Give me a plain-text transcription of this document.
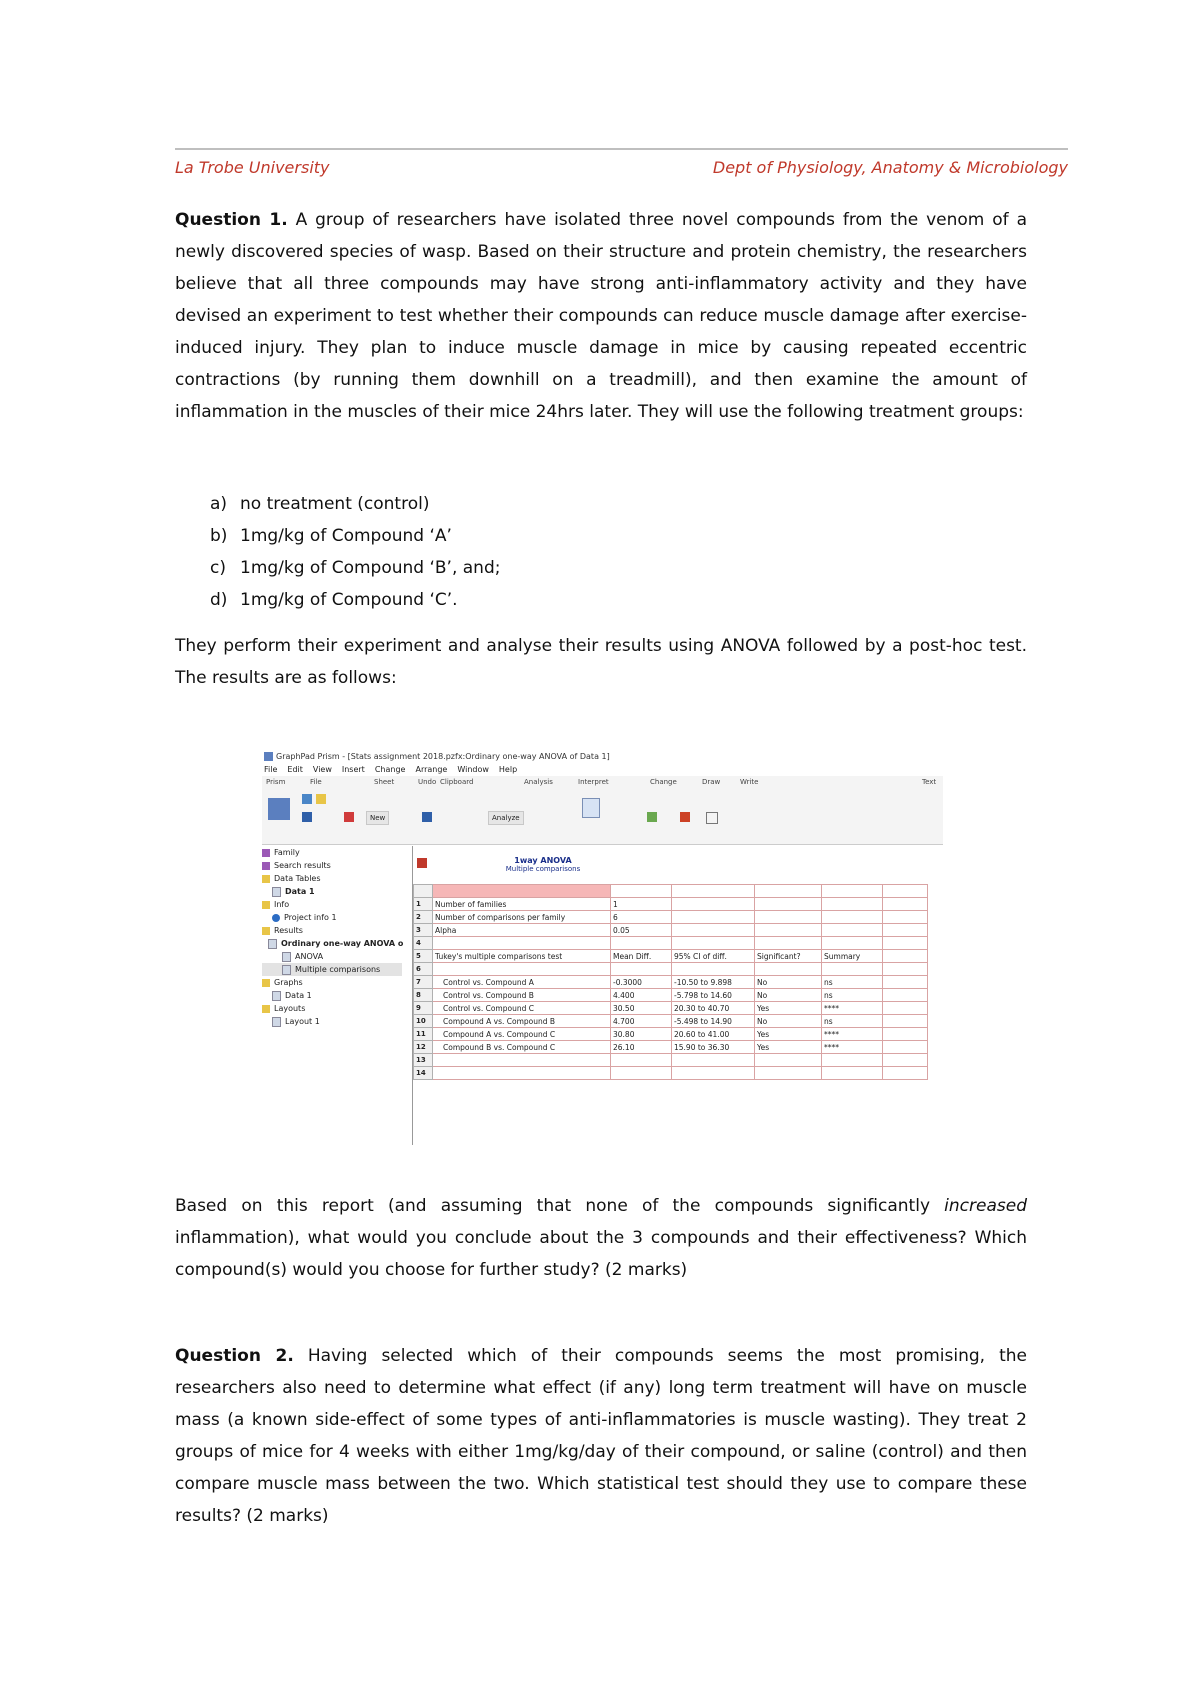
La Trobe University	Dept of Physiology, Anatomy & Microbiology
Question 1. A group of researchers have isolated three novel compounds from the venom of a newly discovered species of wasp. Based on their structure and protein chemistry, the researchers believe that all three compounds may have strong anti-inflammatory activity and they have devised an experiment to test whether their compounds can reduce muscle damage after exercise-induced injury. They plan to induce muscle damage in mice by causing repeated eccentric contractions (by running them downhill on a treadmill), and then examine the amount of inflammation in the muscles of their mice 24hrs later. They will use the following treatment groups:
a) no treatment (control)
b) 1mg/kg of Compound ‘A’
c) 1mg/kg of Compound ‘B’, and;
d) 1mg/kg of Compound ‘C’.
They perform their experiment and analyse their results using ANOVA followed by a post-hoc test. The results are as follows:
GraphPad Prism - [Stats assignment 2018.pzfx:Ordinary one-way ANOVA of Data 1]
File Edit View Insert Change Arrange Window Help
Prism	File	Sheet	Undo Clipboard	Analysis	Interpret	Change	Draw	Write	Text
New	Analyze
Family
Search results
Data Tables
Data 1
Info
Project info 1
Results
Ordinary one-way ANOVA o
ANOVA
Multiple comparisons
Graphs
Data 1
Layouts
Layout 1
1way ANOVA
Multiple comparisons

1	Number of families	1				
2	Number of comparisons per family	6				
3	Alpha	0.05				
4						
5	Tukey's multiple comparisons test	Mean Diff.	95% CI of diff.	Significant?	Summary	
6						
7	Control vs. Compound A	-0.3000	-10.50 to 9.898	No	ns	
8	Control vs. Compound B	4.400	-5.798 to 14.60	No	ns	
9	Control vs. Compound C	30.50	20.30 to 40.70	Yes	****	
10	Compound A vs. Compound B	4.700	-5.498 to 14.90	No	ns	
11	Compound A vs. Compound C	30.80	20.60 to 41.00	Yes	****	
12	Compound B vs. Compound C	26.10	15.90 to 36.30	Yes	****	
13						
14						
Based on this report (and assuming that none of the compounds significantly increased inflammation), what would you conclude about the 3 compounds and their effectiveness? Which compound(s) would you choose for further study? (2 marks)
Question 2. Having selected which of their compounds seems the most promising, the researchers also need to determine what effect (if any) long term treatment will have on muscle mass (a known side-effect of some types of anti-inflammatories is muscle wasting). They treat 2 groups of mice for 4 weeks with either 1mg/kg/day of their compound, or saline (control) and then compare muscle mass between the two. Which statistical test should they use to compare these results? (2 marks)
